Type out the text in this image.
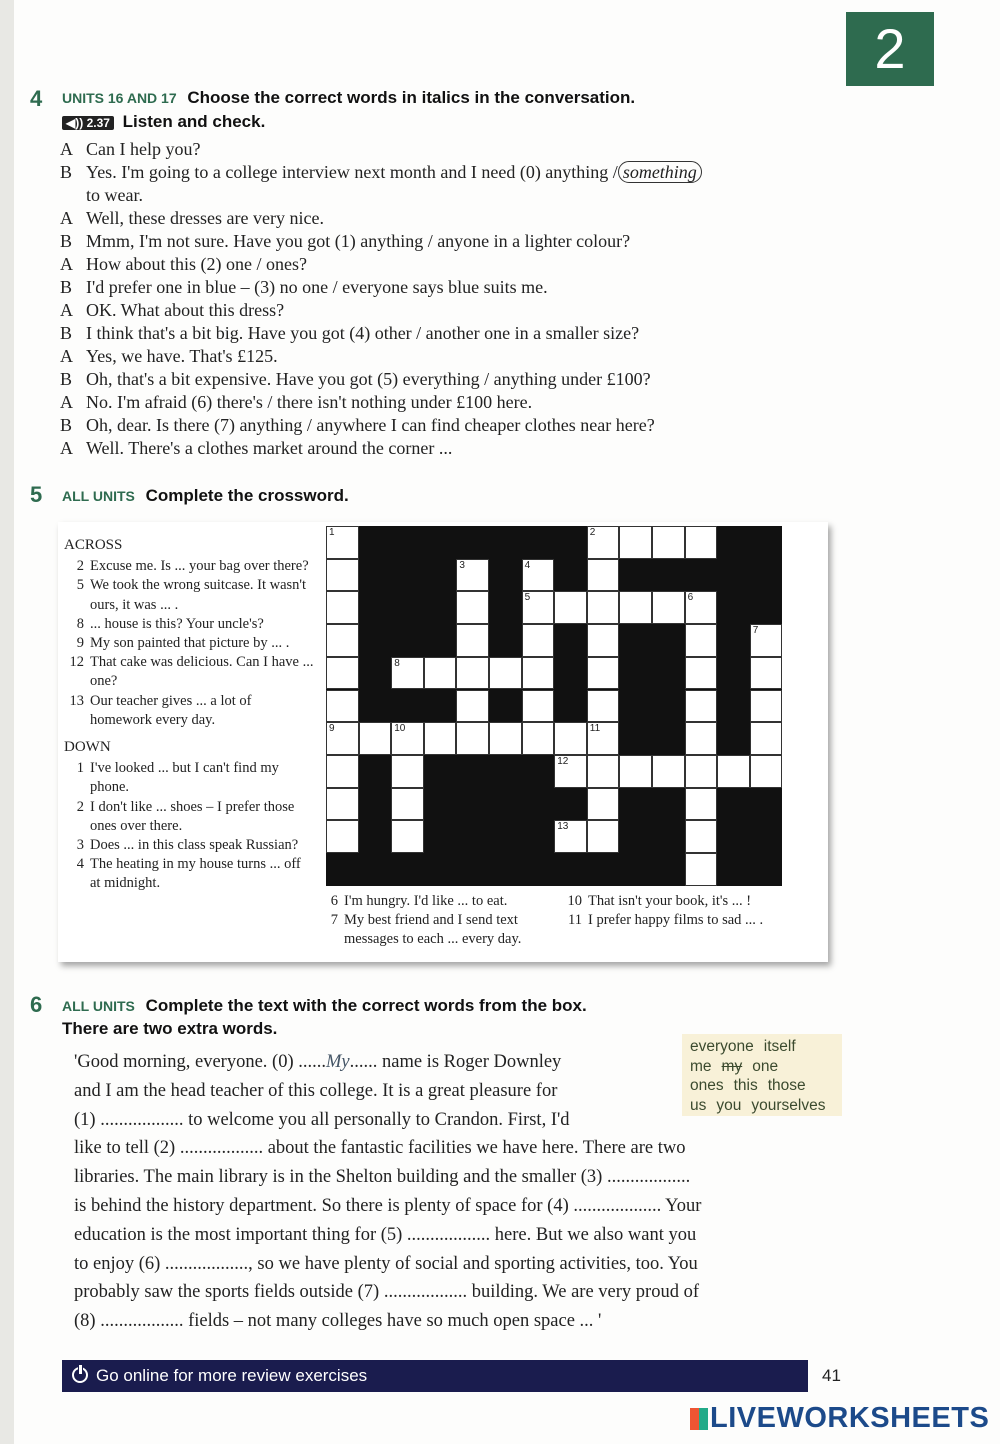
2
4 UNITS 16 AND 17 Choose the correct words in italics in the conversation.
◀)) 2.37 Listen and check.
A Can I help you?
B Yes. I'm going to a college interview next month and I need (0) anything / something
to wear.
A Well, these dresses are very nice.
B Mmm, I'm not sure. Have you got (1) anything / anyone in a lighter colour?
A How about this (2) one / ones?
B I'd prefer one in blue – (3) no one / everyone says blue suits me.
A OK. What about this dress?
B I think that's a bit big. Have you got (4) other / another one in a smaller size?
A Yes, we have. That's £125.
B Oh, that's a bit expensive. Have you got (5) everything / anything under £100?
A No. I'm afraid (6) there's / there isn't nothing under £100 here.
B Oh, dear. Is there (7) anything / anywhere I can find cheaper clothes near here?
A Well. There's a clothes market around the corner ...
5 ALL UNITS Complete the crossword.
ACROSS
2 Excuse me. Is ... your bag over there?
5 We took the wrong suitcase. It wasn't ours, it was ... .
8 ... house is this? Your uncle's?
9 My son painted that picture by ... .
12 That cake was delicious. Can I have ... one?
13 Our teacher gives ... a lot of homework every day.
DOWN
1 I've looked ... but I can't find my phone.
2 I don't like ... shoes – I prefer those ones over there.
3 Does ... in this class speak Russian?
4 The heating in my house turns ... off at midnight.
6 I'm hungry. I'd like ... to eat.
7 My best friend and I send text messages to each ... every day.
10 That isn't your book, it's ... !
11 I prefer happy films to sad ... .
1
9
2
11
3	4
5	6
7
8
10
12
13
6 ALL UNITS Complete the text with the correct words from the box.
There are two extra words.
everyone itself
me my one
ones this those
us you yourselves
'Good morning, everyone. (0) ......My...... name is Roger Downley
and I am the head teacher of this college. It is a great pleasure for
(1) .................. to welcome you all personally to Crandon. First, I'd
like to tell (2) .................. about the fantastic facilities we have here. There are two
libraries. The main library is in the Shelton building and the smaller (3) ..................
is behind the history department. So there is plenty of space for (4) ................... Your
education is the most important thing for (5) .................. here. But we also want you
to enjoy (6) .................., so we have plenty of social and sporting activities, too. You
probably saw the sports fields outside (7) .................. building. We are very proud of
(8) .................. fields – not many colleges have so much open space ... '
Go online for more review exercises	41
LIVEWORKSHEETS
